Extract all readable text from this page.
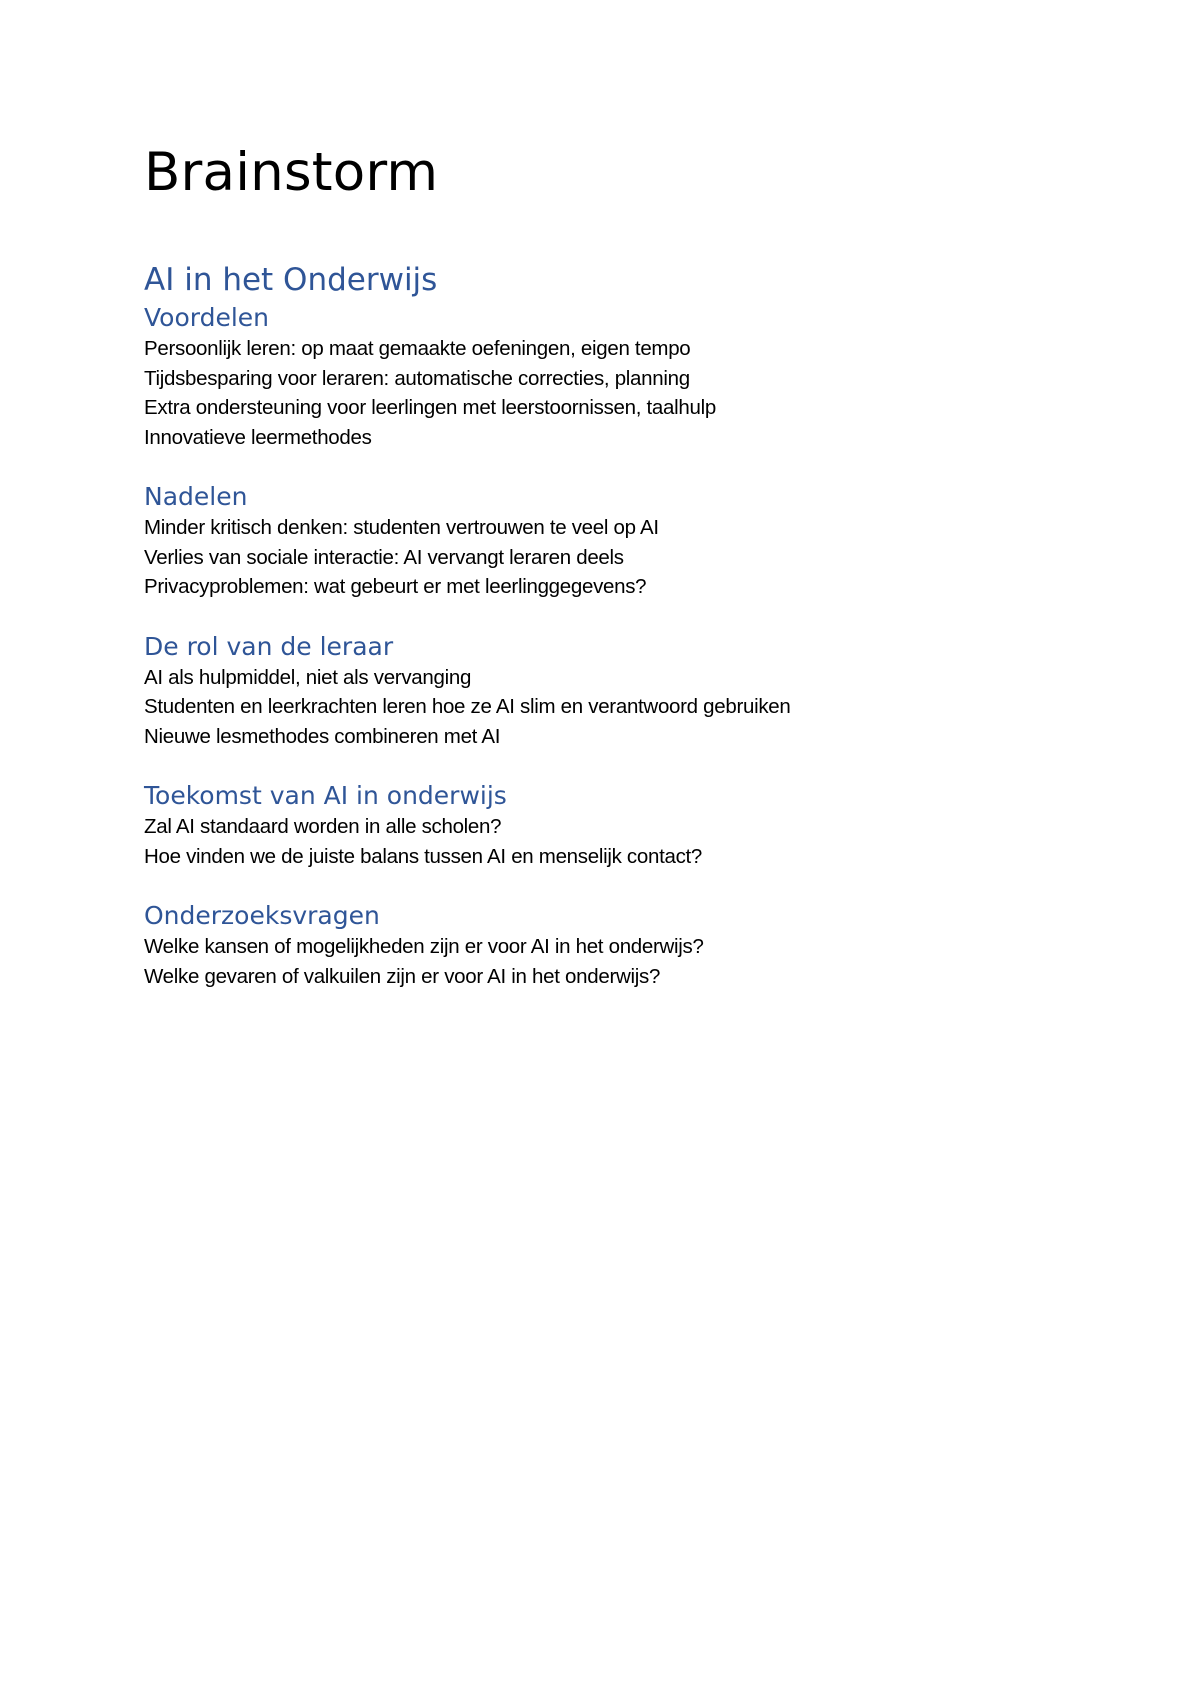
Brainstorm
AI in het Onderwijs
Voordelen
Persoonlijk leren: op maat gemaakte oefeningen, eigen tempo
Tijdsbesparing voor leraren: automatische correcties, planning
Extra ondersteuning voor leerlingen met leerstoornissen, taalhulp
Innovatieve leermethodes
Nadelen
Minder kritisch denken: studenten vertrouwen te veel op AI
Verlies van sociale interactie: AI vervangt leraren deels
Privacyproblemen: wat gebeurt er met leerlinggegevens?
De rol van de leraar
AI als hulpmiddel, niet als vervanging
Studenten en leerkrachten leren hoe ze AI slim en verantwoord gebruiken
Nieuwe lesmethodes combineren met AI
Toekomst van AI in onderwijs
Zal AI standaard worden in alle scholen?
Hoe vinden we de juiste balans tussen AI en menselijk contact?
Onderzoeksvragen
Welke kansen of mogelijkheden zijn er voor AI in het onderwijs?
Welke gevaren of valkuilen zijn er voor AI in het onderwijs?
